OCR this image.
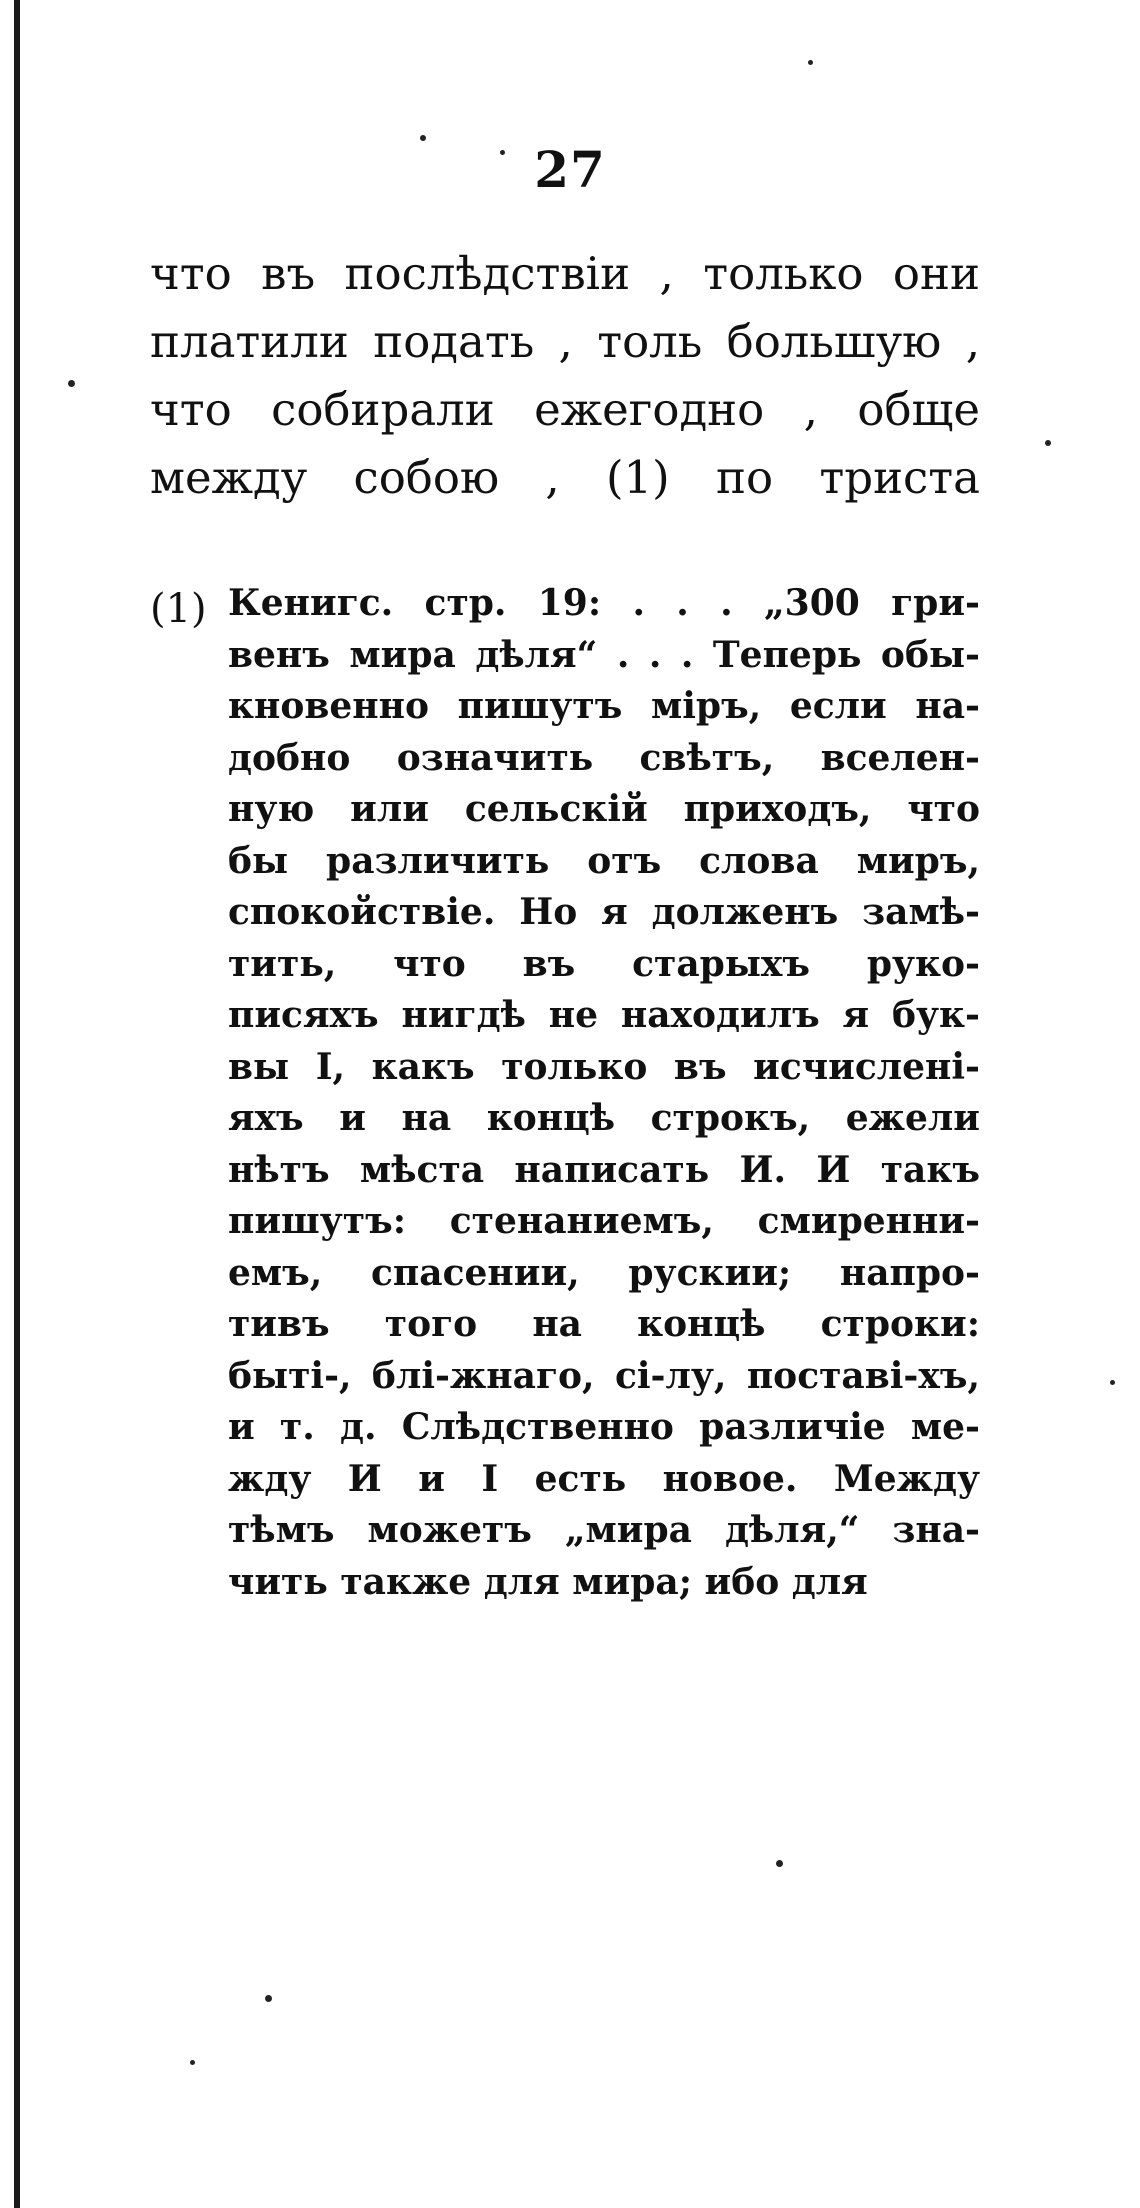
27
что въ послѣдствіи , только они
платили подать , толь большую ,
что собирали ежегодно , обще
между собою , (1) по триста
(1) Кенигс. стр. 19: . . . „300 гри-
венъ мира дѣля“ . . . Теперь обы-
кновенно пишутъ міръ, если на-
добно означить свѣтъ, вселен-
ную или сельскій приходъ, что
бы различить отъ слова миръ,
спокойствіе. Но я долженъ замѣ-
тить, что въ старыхъ руко-
писяхъ нигдѣ не находилъ я бук-
вы I, какъ только въ исчисленi-
яхъ и на концѣ строкъ, ежели
нѣтъ мѣста написать И. И такъ
пишутъ: стенаниемъ, смиренни-
емъ, спасении, рускии; напро-
тивъ того на концѣ строки:
быті-, блі-жнаго, сі-лу, поставі-хъ,
и т. д. Слѣдственно различіе ме-
жду И и I есть новое. Между
тѣмъ можетъ „мира дѣля,“ зна-
чить также для мира; ибо для
